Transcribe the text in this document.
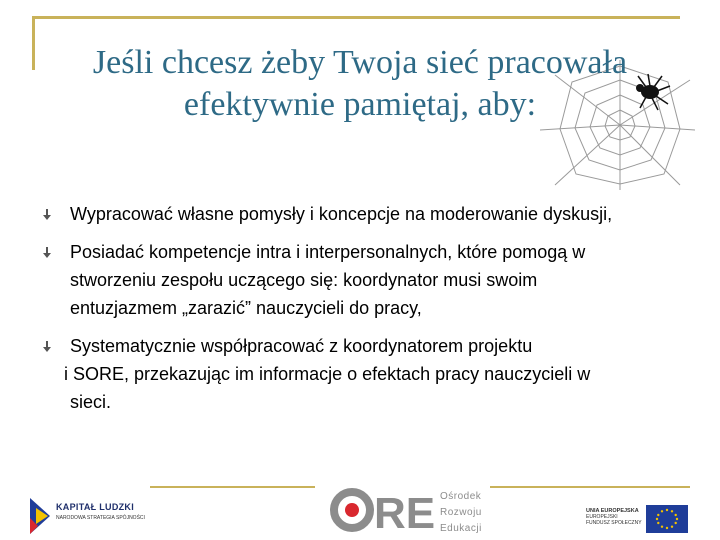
Jeśli chcesz żeby Twoja sieć pracowała
efektywnie pamiętaj, aby:
Wypracować własne pomysły i koncepcje na moderowanie dyskusji,
Posiadać kompetencje intra i interpersonalnych, które pomogą w
stworzeniu zespołu uczącego się: koordynator musi swoim
entuzjazmem „zarazić” nauczycieli do pracy,
Systematycznie współpracować z koordynatorem projektu
i SORE, przekazując im informacje o efektach pracy nauczycieli w
sieci.
KAPITAŁ LUDZKI
NARODOWA STRATEGIA SPÓJNOŚCI	RE Ośrodek
Rozwoju
Edukacji
UNIA EUROPEJSKA
EUROPEJSKI
FUNDUSZ SPOŁECZNY
